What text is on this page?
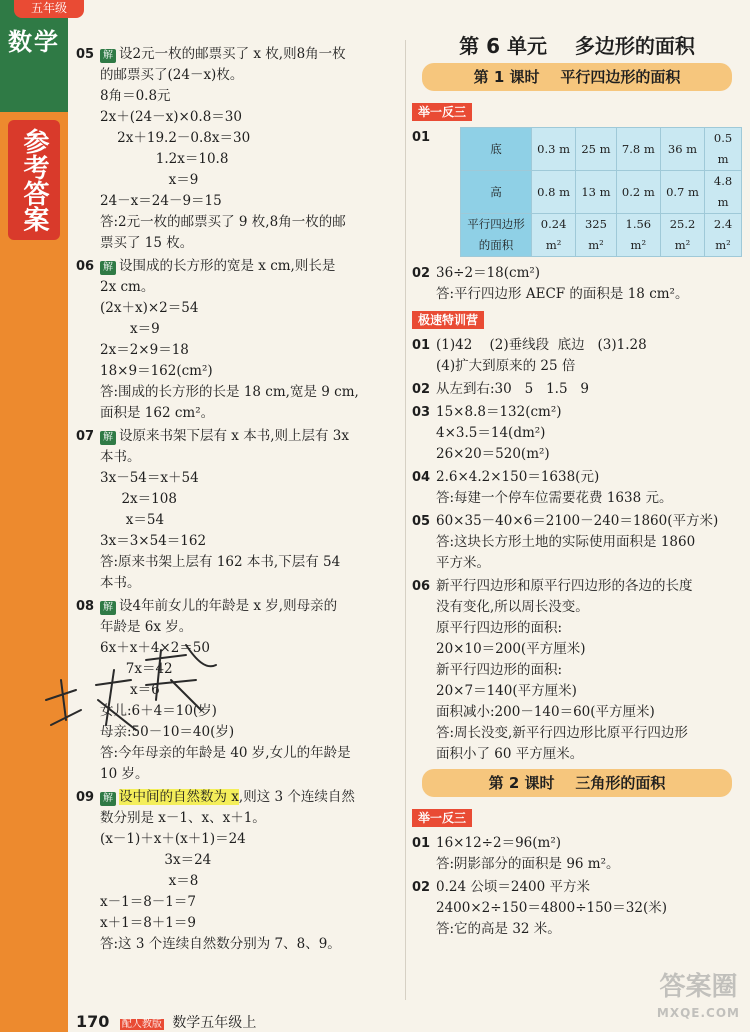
五年级
数学
参考答案
05 解 设2元一枚的邮票买了 x 枚,则8角一枚
的邮票买了(24－x)枚。
8角＝0.8元
2x＋(24－x)×0.8＝30
2x＋19.2－0.8x＝30
1.2x＝10.8
x＝9
24－x＝24－9＝15
答:2元一枚的邮票买了 9 枚,8角一枚的邮
票买了 15 枚。
06 解 设围成的长方形的宽是 x cm,则长是
2x cm。
(2x＋x)×2＝54
x＝9
2x＝2×9＝18
18×9＝162(cm²)
答:围成的长方形的长是 18 cm,宽是 9 cm,
面积是 162 cm²。
07 解 设原来书架下层有 x 本书,则上层有 3x
本书。
3x－54＝x＋54
2x＝108
x＝54
3x＝3×54＝162
答:原来书架上层有 162 本书,下层有 54
本书。
08 解 设4年前女儿的年龄是 x 岁,则母亲的
年龄是 6x 岁。
6x＋x＋4×2＝50
7x＝42
x＝6
女儿:6＋4＝10(岁)
母亲:50－10＝40(岁)
答:今年母亲的年龄是 40 岁,女儿的年龄是
10 岁。
09 解 设中间的自然数为 x,则这 3 个连续自然
数分别是 x－1、x、x＋1。
(x－1)＋x＋(x＋1)＝24
3x＝24
x＝8
x－1＝8－1＝7
x＋1＝8＋1＝9
答:这 3 个连续自然数分别为 7、8、9。
第 6 单元    多边形的面积
第 1 课时    平行四边形的面积
举一反三
01
底	0.3 m	25 m	7.8 m	36 m	0.5 m
高	0.8 m	13 m	0.2 m	0.7 m	4.8 m
平行四边形的面积	0.24 m²	325 m²	1.56 m²	25.2 m²	2.4 m²
02 36÷2＝18(cm²)
答:平行四边形 AECF 的面积是 18 cm²。
极速特训营
01 (1)42    (2)垂线段  底边   (3)1.28
(4)扩大到原来的 25 倍
02 从左到右:30   5   1.5   9
03 15×8.8＝132(cm²)
4×3.5＝14(dm²)
26×20＝520(m²)
04 2.6×4.2×150＝1638(元)
答:每建一个停车位需要花费 1638 元。
05 60×35－40×6＝2100－240＝1860(平方米)
答:这块长方形土地的实际使用面积是 1860
平方米。
06 新平行四边形和原平行四边形的各边的长度
没有变化,所以周长没变。
原平行四边形的面积:
20×10＝200(平方厘米)
新平行四边形的面积:
20×7＝140(平方厘米)
面积减小:200－140＝60(平方厘米)
答:周长没变,新平行四边形比原平行四边形
面积小了 60 平方厘米。
第 2 课时    三角形的面积
举一反三
01 16×12÷2＝96(m²)
答:阴影部分的面积是 96 m²。
02 0.24 公顷＝2400 平方米
2400×2÷150＝4800÷150＝32(米)
答:它的高是 32 米。
170 配人教版 数学五年级上
答案圈
MXQE.COM
